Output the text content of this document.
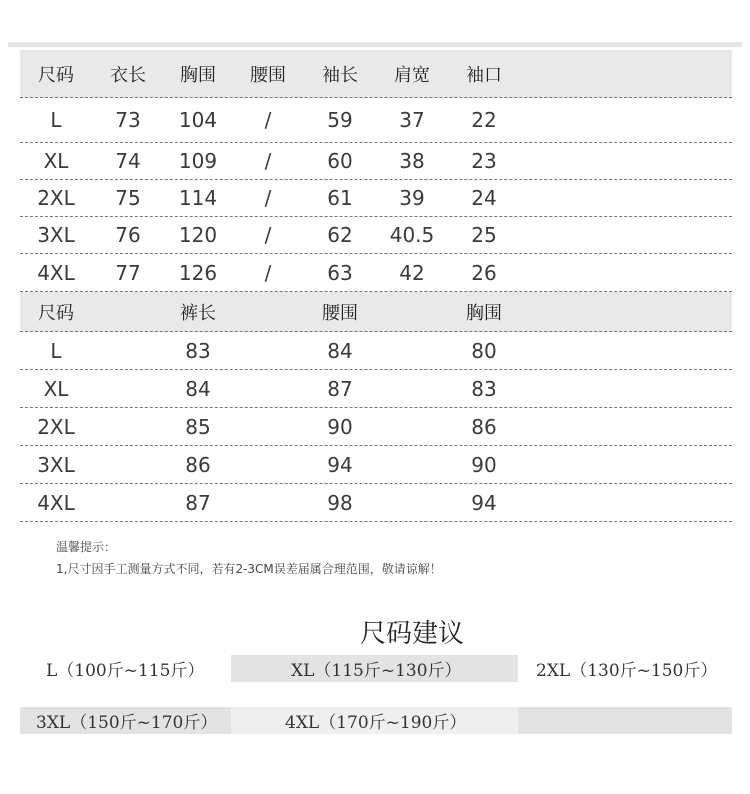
尺码	衣长	胸围	腰围	袖长	肩宽	袖口
L	73	104	/	59	37	22
XL	74	109	/	60	38	23
2XL	75	114	/	61	39	24
3XL	76	120	/	62	40.5	25
4XL	77	126	/	63	42	26
尺码	裤长	腰围	胸围
L	83	84	80
XL	84	87	83
2XL	85	90	86
3XL	86	94	90
4XL	87	98	94
温馨提示：
1,尺寸因手工测量方式不同，若有2-3CM误差届属合理范围，敬请谅解！
尺码建议
L（100斤~115斤）	XL（115斤~130斤）	2XL（130斤~150斤）
3XL（150斤~170斤）	4XL（170斤~190斤）
